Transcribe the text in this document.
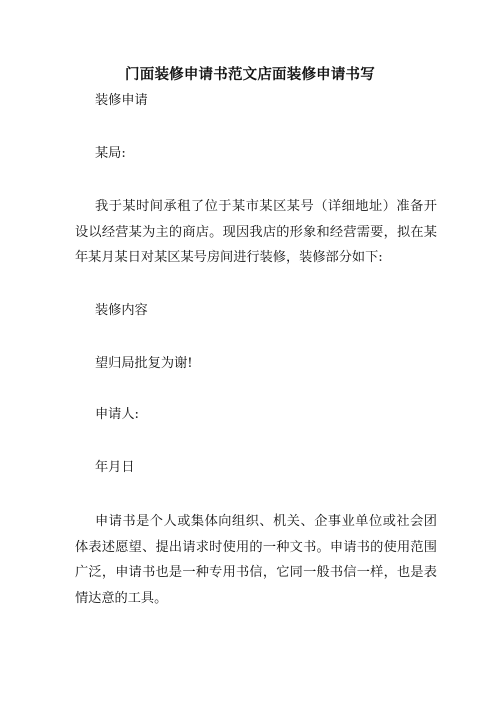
门面装修申请书范文店面装修申请书写
装修申请
某局:
我于某时间承租了位于某市某区某号（详细地址）准备开设以经营某为主的商店。现因我店的形象和经营需要，拟在某年某月某日对某区某号房间进行装修，装修部分如下:
装修内容
望归局批复为谢!
申请人:
年月日
申请书是个人或集体向组织、机关、企事业单位或社会团体表述愿望、提出请求时使用的一种文书。申请书的使用范围广泛，申请书也是一种专用书信，它同一般书信一样，也是表情达意的工具。
